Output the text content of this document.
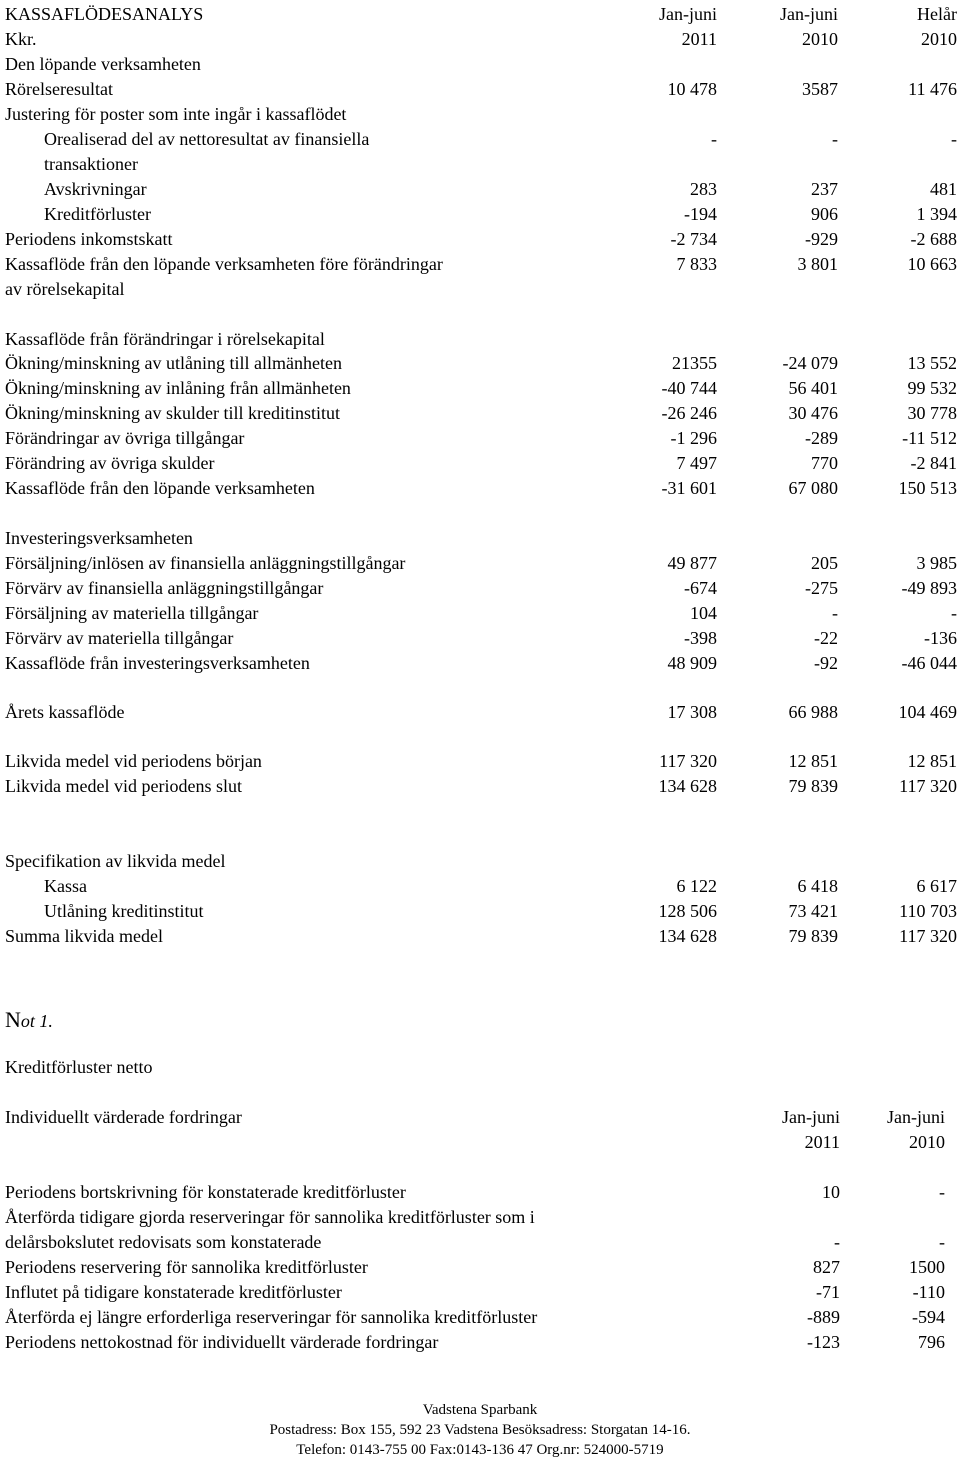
KASSAFLÖDESANALYS	Jan-juni	Jan-juni	Helår
Kkr.	2011	2010	2010
Den löpande verksamheten
Rörelseresultat	10 478	3587	11 476
Justering för poster som inte ingår i kassaflödet
Orealiserad del av nettoresultat av finansiella	-	-	-
transaktioner
Avskrivningar	283	237	481
Kreditförluster	-194	906	1 394
Periodens inkomstskatt	-2 734	-929	-2 688
Kassaflöde från den löpande verksamheten före förändringar	7 833	3 801	10 663
av rörelsekapital
Kassaflöde från förändringar i rörelsekapital
Ökning/minskning av utlåning till allmänheten	21355	-24 079	13 552
Ökning/minskning av inlåning från allmänheten	-40 744	56 401	99 532
Ökning/minskning av skulder till kreditinstitut	-26 246	30 476	30 778
Förändringar av övriga tillgångar	-1 296	-289	-11 512
Förändring av övriga skulder	7 497	770	-2 841
Kassaflöde från den löpande verksamheten	-31 601	67 080	150 513
Investeringsverksamheten
Försäljning/inlösen av finansiella anläggningstillgångar	49 877	205	3 985
Förvärv av finansiella anläggningstillgångar	-674	-275	-49 893
Försäljning av materiella tillgångar	104	-	-
Förvärv av materiella tillgångar	-398	-22	-136
Kassaflöde från investeringsverksamheten	48 909	-92	-46 044
Årets kassaflöde	17 308	66 988	104 469
Likvida medel vid periodens början	117 320	12 851	12 851
Likvida medel vid periodens slut	134 628	79 839	117 320
Specifikation av likvida medel
Kassa	6 122	6 418	6 617
Utlåning kreditinstitut	128 506	73 421	110 703
Summa likvida medel	134 628	79 839	117 320
Not 1.
Kreditförluster netto
Individuellt värderade fordringar	Jan-juni	Jan-juni
2011	2010
Periodens bortskrivning för konstaterade kreditförluster	10	-
Återförda tidigare gjorda reserveringar för sannolika kreditförluster som i
delårsbokslutet redovisats som konstaterade	-	-
Periodens reservering för sannolika kreditförluster	827	1500
Influtet på tidigare konstaterade kreditförluster	-71	-110
Återförda ej längre erforderliga reserveringar för sannolika kreditförluster	-889	-594
Periodens nettokostnad för individuellt värderade fordringar	-123	796
Vadstena Sparbank
Postadress: Box 155, 592 23 Vadstena Besöksadress: Storgatan 14-16.
Telefon: 0143-755 00 Fax:0143-136 47 Org.nr: 524000-5719
